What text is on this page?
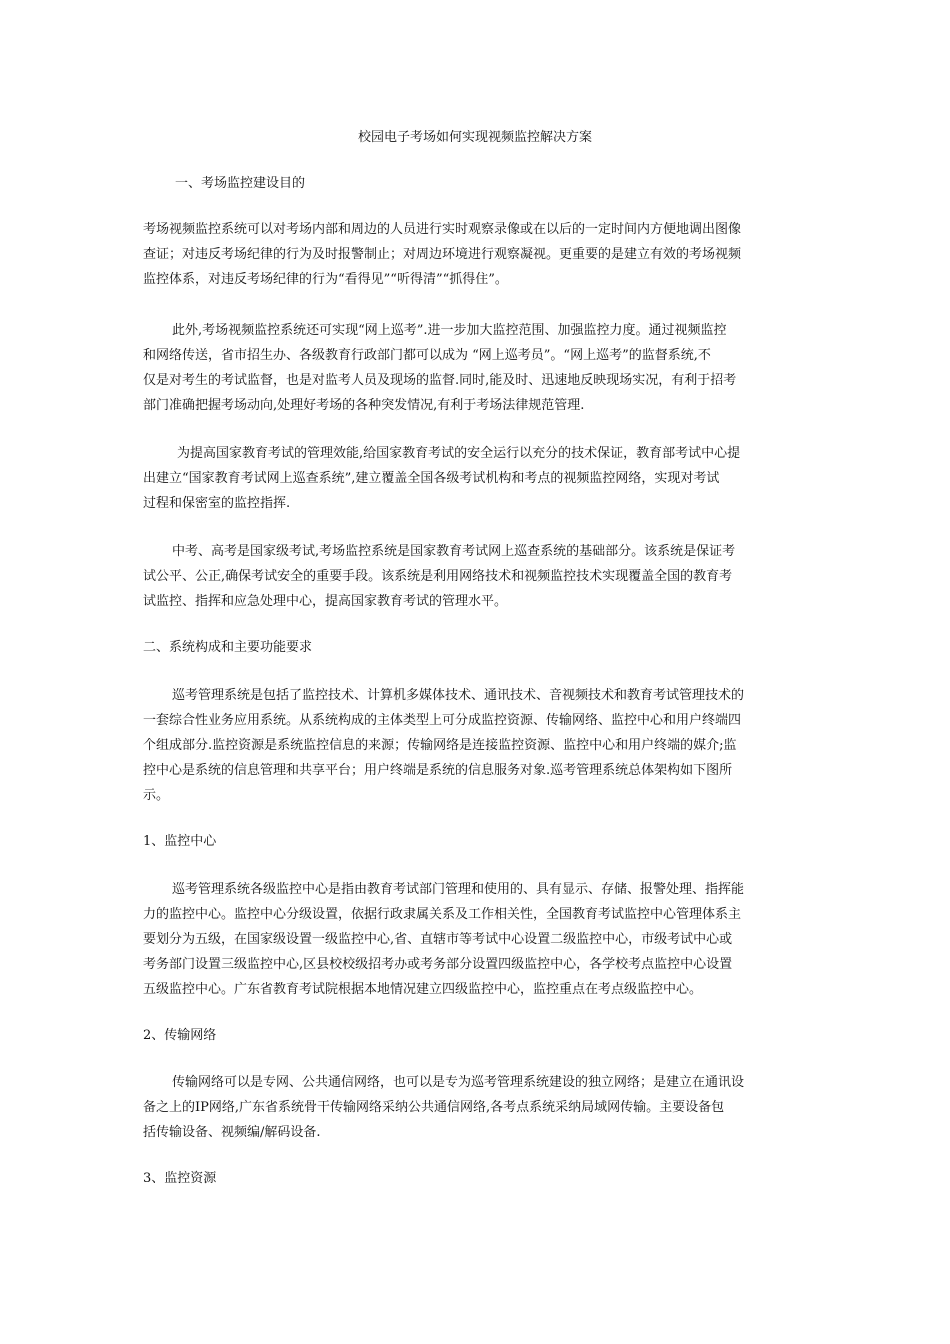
校园电子考场如何实现视频监控解决方案
一、考场监控建设目的
考场视频监控系统可以对考场内部和周边的人员进行实时观察录像或在以后的一定时间内方便地调出图像
查证；对违反考场纪律的行为及时报警制止；对周边环境进行观察凝视。更重要的是建立有效的考场视频
监控体系，对违反考场纪律的行为“看得见”“听得清”“抓得住”。
此外,考场视频监控系统还可实现“网上巡考”.进一步加大监控范围、加强监控力度。通过视频监控
和网络传送，省市招生办、各级教育行政部门都可以成为 “网上巡考员”。“网上巡考”的监督系统,不
仅是对考生的考试监督，也是对监考人员及现场的监督.同时,能及时、迅速地反映现场实况，有利于招考
部门准确把握考场动向,处理好考场的各种突发情况,有利于考场法律规范管理.
为提高国家教育考试的管理效能,给国家教育考试的安全运行以充分的技术保证，教育部考试中心提
出建立“国家教育考试网上巡查系统”,建立覆盖全国各级考试机构和考点的视频监控网络，实现对考试
过程和保密室的监控指挥.
中考、高考是国家级考试,考场监控系统是国家教育考试网上巡查系统的基础部分。该系统是保证考
试公平、公正,确保考试安全的重要手段。该系统是利用网络技术和视频监控技术实现覆盖全国的教育考
试监控、指挥和应急处理中心，提高国家教育考试的管理水平。
二、系统构成和主要功能要求
巡考管理系统是包括了监控技术、计算机多媒体技术、通讯技术、音视频技术和教育考试管理技术的
一套综合性业务应用系统。从系统构成的主体类型上可分成监控资源、传输网络、监控中心和用户终端四
个组成部分.监控资源是系统监控信息的来源；传输网络是连接监控资源、监控中心和用户终端的媒介;监
控中心是系统的信息管理和共享平台；用户终端是系统的信息服务对象.巡考管理系统总体架构如下图所
示。
1、监控中心
巡考管理系统各级监控中心是指由教育考试部门管理和使用的、具有显示、存储、报警处理、指挥能
力的监控中心。监控中心分级设置，依据行政隶属关系及工作相关性，全国教育考试监控中心管理体系主
要划分为五级，在国家级设置一级监控中心,省、直辖市等考试中心设置二级监控中心，市级考试中心或
考务部门设置三级监控中心,区县校校级招考办或考务部分设置四级监控中心，各学校考点监控中心设置
五级监控中心。广东省教育考试院根据本地情况建立四级监控中心，监控重点在考点级监控中心。
2、传输网络
传输网络可以是专网、公共通信网络，也可以是专为巡考管理系统建设的独立网络；是建立在通讯设
备之上的IP网络,广东省系统骨干传输网络采纳公共通信网络,各考点系统采纳局域网传输。主要设备包
括传输设备、视频编/解码设备.
3、监控资源
